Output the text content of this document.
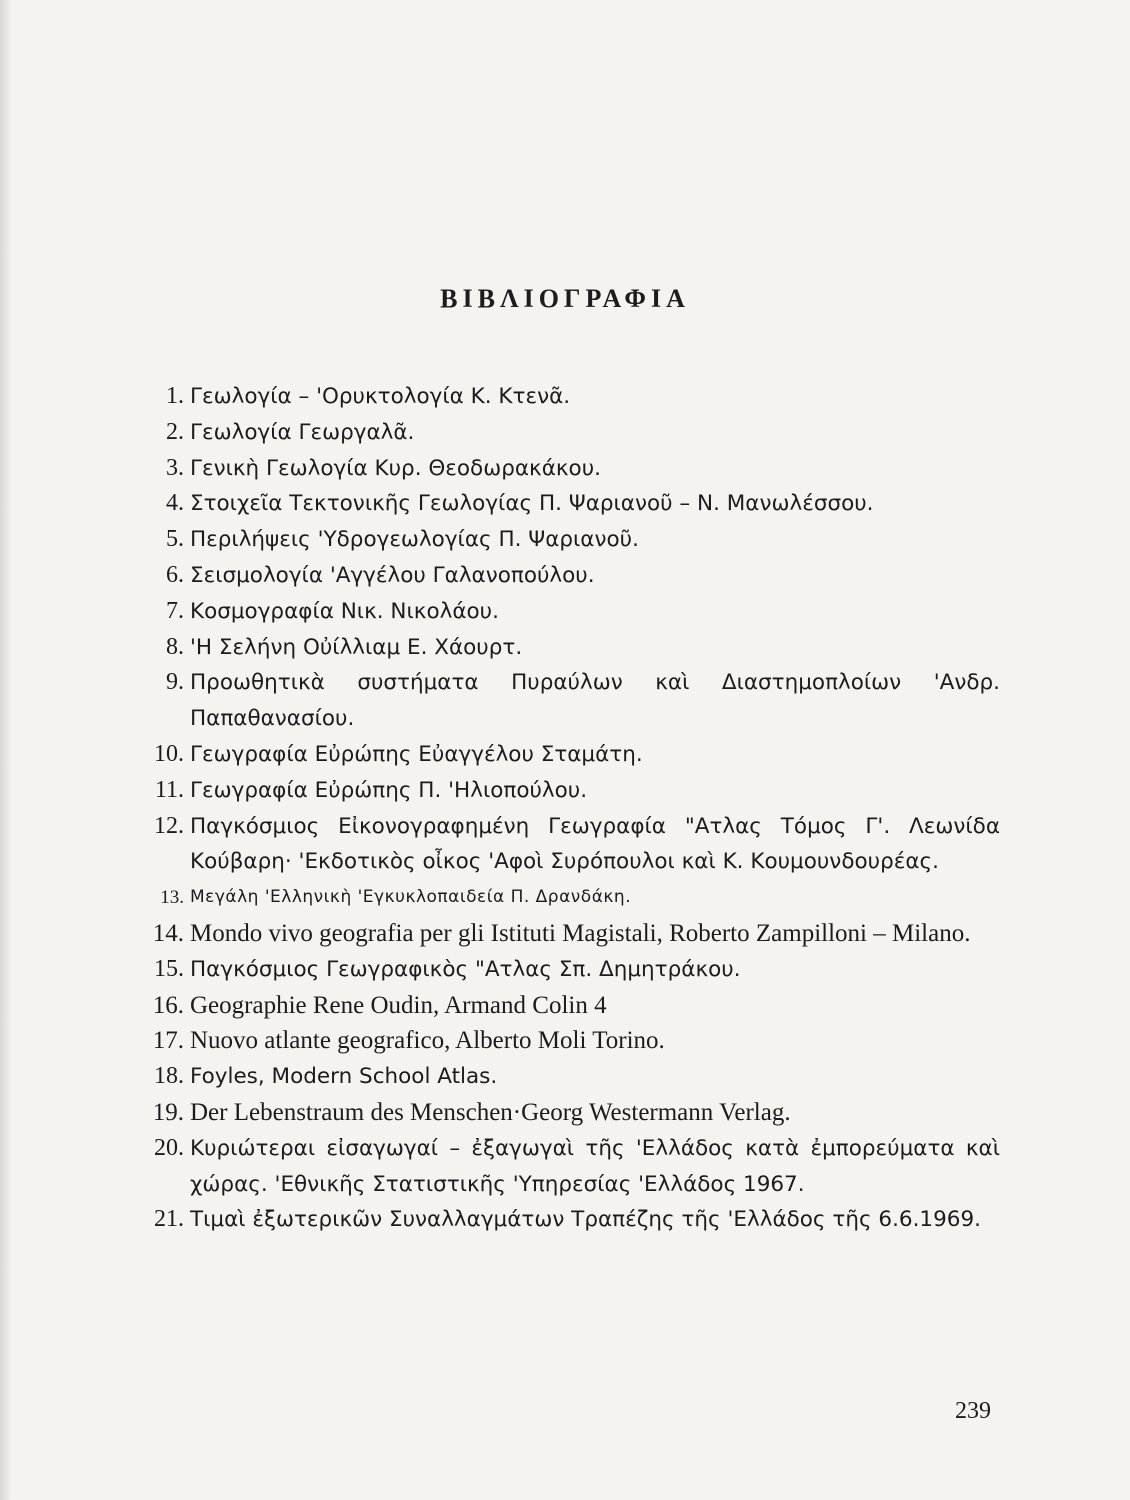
ΒΙΒΛΙΟΓΡΑΦΙΑ
1. Γεωλογία – 'Ορυκτολογία Κ. Κτενᾶ.
2. Γεωλογία Γεωργαλᾶ.
3. Γενικὴ Γεωλογία Κυρ. Θεοδωρακάκου.
4. Στοιχεῖα Τεκτονικῆς Γεωλογίας Π. Ψαριανοῦ – Ν. Μανωλέσσου.
5. Περιλήψεις 'Υδρογεωλογίας Π. Ψαριανοῦ.
6. Σεισμολογία 'Αγγέλου Γαλανοπούλου.
7. Κοσμογραφία Νικ. Νικολάου.
8. 'Η Σελήνη Οὐίλλιαμ Ε. Χάουρτ.
9. Προωθητικὰ συστήματα Πυραύλων καὶ Διαστημοπλοίων 'Ανδρ. Παπαθανασίου.
10. Γεωγραφία Εὐρώπης Εὐαγγέλου Σταμάτη.
11. Γεωγραφία Εὐρώπης Π. 'Ηλιοπούλου.
12. Παγκόσμιος Εἰκονογραφημένη Γεωγραφία "Ατλας Τόμος Γ'. Λεωνίδα Κούβαρη· 'Εκδοτικὸς οἶκος 'Αφοὶ Συρόπουλοι καὶ Κ. Κουμουνδουρέας.
13. Μεγάλη 'Ελληνικὴ 'Εγκυκλοπαιδεία Π. Δρανδάκη.
14. Mondo vivo geografia per gli Istituti Magistali, Roberto Zampilloni – Milano.
15. Παγκόσμιος Γεωγραφικὸς "Ατλας Σπ. Δημητράκου.
16. Geographie Rene Oudin, Armand Colin 4
17. Nuovo atlante geografico, Alberto Moli Torino.
18. Foyles, Modern School Atlas.
19. Der Lebenstraum des Menschen·Georg Westermann Verlag.
20. Κυριώτεραι εἰσαγωγαί – ἐξαγωγαὶ τῆς 'Ελλάδος κατὰ ἐμπορεύματα καὶ χώρας. 'Εθνικῆς Στατιστικῆς 'Υπηρεσίας 'Ελλάδος 1967.
21. Τιμαὶ ἐξωτερικῶν Συναλλαγμάτων Τραπέζης τῆς 'Ελλάδος τῆς 6.6.1969.
239
